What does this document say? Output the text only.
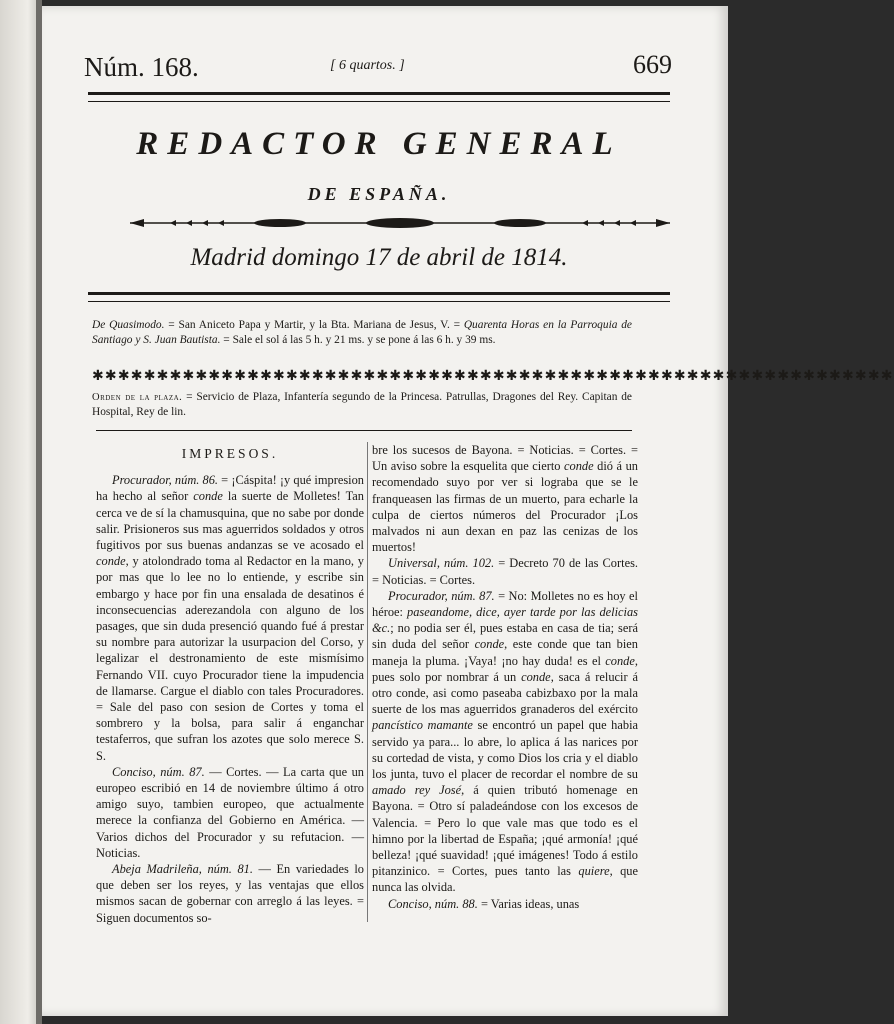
Núm. 168.	[ 6 quartos. ]	669
REDACTOR GENERAL
DE ESPAÑA.
Madrid domingo 17 de abril de 1814.
De Quasimodo. = San Aniceto Papa y Martir, y la Bta. Mariana de Jesus, V. = Quarenta Horas en la Parroquia de Santiago y S. Juan Bautista. = Sale el sol á las 5 h. y 21 ms. y se pone á las 6 h. y 39 ms.
✱✱✱✱✱✱✱✱✱✱✱✱✱✱✱✱✱✱✱✱✱✱✱✱✱✱✱✱✱✱✱✱✱✱✱✱✱✱✱✱✱✱✱✱✱✱✱✱✱✱✱✱✱✱✱✱✱✱✱✱✱✱
Orden de la plaza. = Servicio de Plaza, Infantería segundo de la Princesa. Patrullas, Dragones del Rey. Capitan de Hospital, Rey de lin.
IMPRESOS.

Procurador, núm. 86. = ¡Cáspita! ¡y qué impresion ha hecho al señor conde la suerte de Molletes! Tan cerca ve de sí la chamusquina, que no sabe por donde salir. Prisioneros sus mas aguerridos soldados y otros fugitivos por sus buenas andanzas se ve acosado el conde, y atolondrado toma al Redactor en la mano, y por mas que lo lee no lo entiende, y escribe sin embargo y hace por fin una ensalada de desatinos é inconsecuencias aderezandola con alguno de los pasages, que sin duda presenció quando fué á prestar su nombre para autorizar la usurpacion del Corso, y legalizar el destronamiento de este mismísimo Fernando VII. cuyo Procurador tiene la impudencia de llamarse. Cargue el diablo con tales Procuradores. = Sale del paso con sesion de Cortes y toma el sombrero y la bolsa, para salir á enganchar testaferros, que sufran los azotes que solo merece S. S.

Conciso, núm. 87. — Cortes. — La carta que un europeo escribió en 14 de noviembre último á otro amigo suyo, tambien europeo, que actualmente merece la confianza del Gobierno en América. — Varios dichos del Procurador y su refutacion. — Noticias.

Abeja Madrileña, núm. 81. — En variedades lo que deben ser los reyes, y las ventajas que ellos mismos sacan de gobernar con arreglo á las leyes. = Siguen documentos so-

bre los sucesos de Bayona. = Noticias. = Cortes. = Un aviso sobre la esquelita que cierto conde dió á un recomendado suyo por ver si lograba que se le franqueasen las firmas de un muerto, para echarle la culpa de ciertos números del Procurador ¡Los malvados ni aun dexan en paz las cenizas de los muertos!

Universal, núm. 102. = Decreto 70 de las Cortes. = Noticias. = Cortes.

Procurador, núm. 87. = No: Molletes no es hoy el héroe: paseandome, dice, ayer tarde por las delicias &c.; no podia ser él, pues estaba en casa de tia; será sin duda del señor conde, este conde que tan bien maneja la pluma. ¡Vaya! ¡no hay duda! es el conde, pues solo por nombrar á un conde, saca á relucir á otro conde, asi como paseaba cabizbaxo por la mala suerte de los mas aguerridos granaderos del exército pancístico mamante se encontró un papel que habia servido ya para... lo abre, lo aplica á las narices por su cortedad de vista, y como Dios los cria y el diablo los junta, tuvo el placer de recordar el nombre de su amado rey José, á quien tributó homenage en Bayona. = Otro sí paladeándose con los excesos de Valencia. = Pero lo que vale mas que todo es el himno por la libertad de España; ¡qué armonía! ¡qué belleza! ¡qué suavidad! ¡qué imágenes! Todo á estilo pitanzinico. = Cortes, pues tanto las quiere, que nunca las olvida.

Conciso, núm. 88. = Varias ideas, unas
